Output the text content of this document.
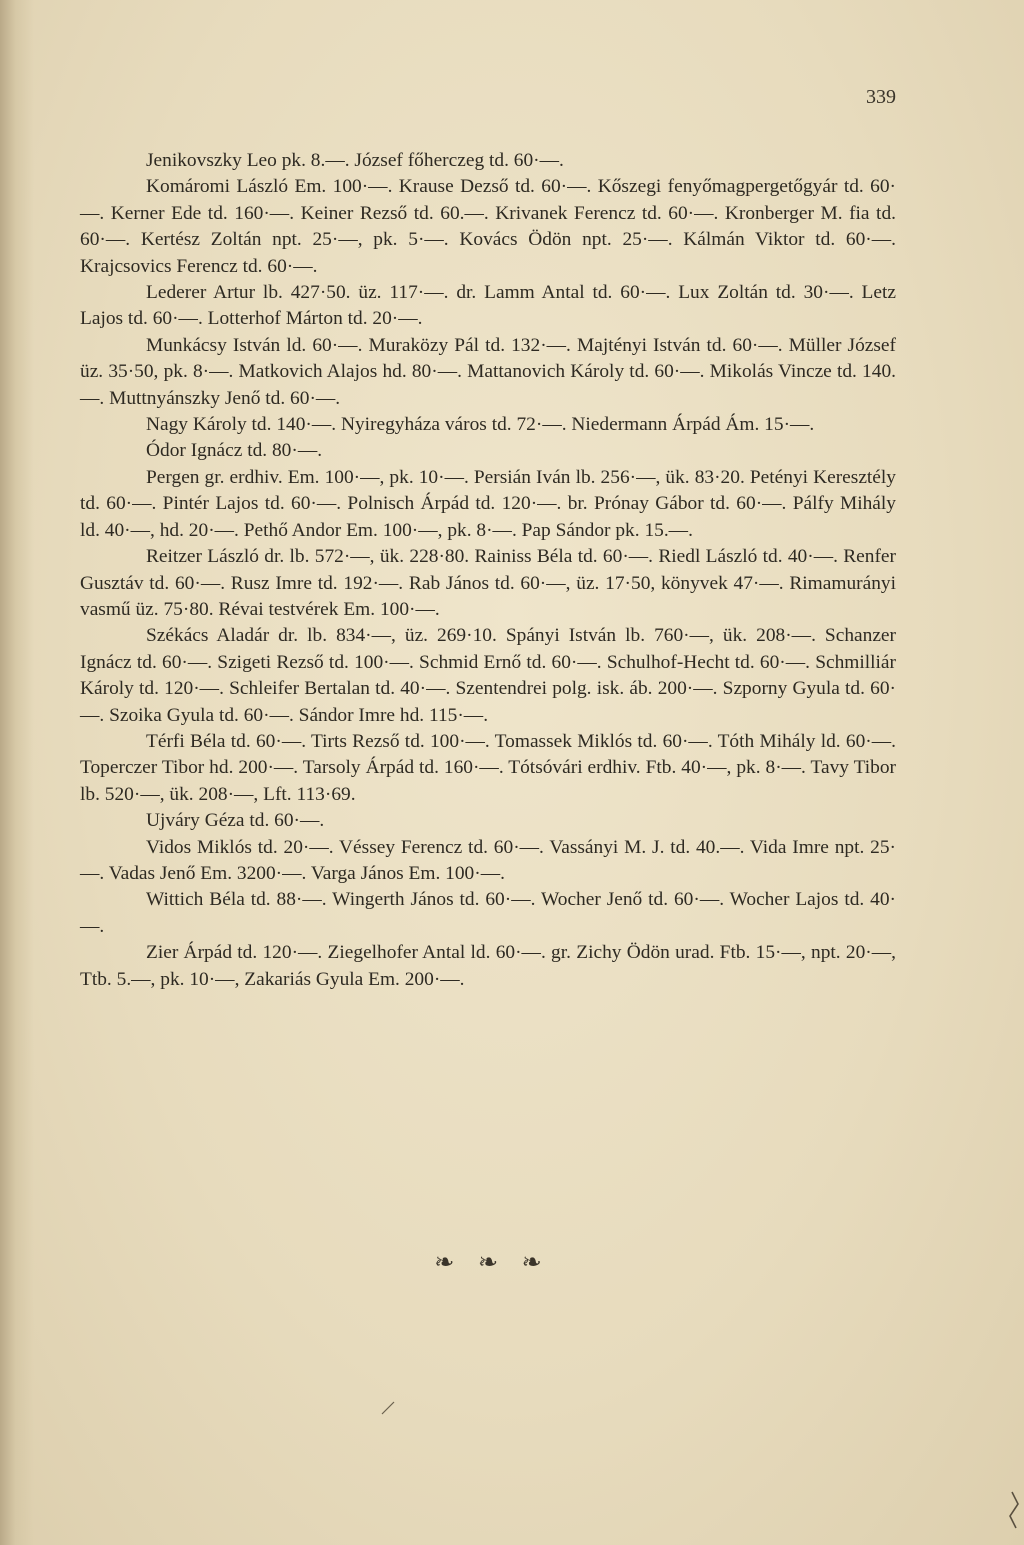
339

Jenikovszky Leo pk. 8.—. József főherczeg td. 60·—.

Komáromi László Em. 100·—. Krause Dezső td. 60·—. Kőszegi fenyőmagpergetőgyár td. 60·—. Kerner Ede td. 160·—. Keiner Rezső td. 60.—. Krivanek Ferencz td. 60·—. Kronberger M. fia td. 60·—. Kertész Zoltán npt. 25·—, pk. 5·—. Kovács Ödön npt. 25·—. Kálmán Viktor td. 60·—. Krajcsovics Ferencz td. 60·—.

Lederer Artur lb. 427·50. üz. 117·—. dr. Lamm Antal td. 60·—. Lux Zoltán td. 30·—. Letz Lajos td. 60·—. Lotterhof Márton td. 20·—.

Munkácsy István ld. 60·—. Muraközy Pál td. 132·—. Majtényi István td. 60·—. Müller József üz. 35·50, pk. 8·—. Matkovich Alajos hd. 80·—. Mattanovich Károly td. 60·—. Mikolás Vincze td. 140.—. Muttnyánszky Jenő td. 60·—.

Nagy Károly td. 140·—. Nyiregyháza város td. 72·—. Niedermann Árpád Ám. 15·—.

Ódor Ignácz td. 80·—.

Pergen gr. erdhiv. Em. 100·—, pk. 10·—. Persián Iván lb. 256·—, ük. 83·20. Petényi Keresztély td. 60·—. Pintér Lajos td. 60·—. Polnisch Árpád td. 120·—. br. Prónay Gábor td. 60·—. Pálfy Mihály ld. 40·—, hd. 20·—. Pethő Andor Em. 100·—, pk. 8·—. Pap Sándor pk. 15.—.

Reitzer László dr. lb. 572·—, ük. 228·80. Rainiss Béla td. 60·—. Riedl László td. 40·—. Renfer Gusztáv td. 60·—. Rusz Imre td. 192·—. Rab János td. 60·—, üz. 17·50, könyvek 47·—. Rimamurányi vasmű üz. 75·80. Révai testvérek Em. 100·—.

Székács Aladár dr. lb. 834·—, üz. 269·10. Spányi István lb. 760·—, ük. 208·—. Schanzer Ignácz td. 60·—. Szigeti Rezső td. 100·—. Schmid Ernő td. 60·—. Schulhof-Hecht td. 60·—. Schmilliár Károly td. 120·—. Schleifer Bertalan td. 40·—. Szentendrei polg. isk. áb. 200·—. Szporny Gyula td. 60·—. Szoika Gyula td. 60·—. Sándor Imre hd. 115·—.

Térfi Béla td. 60·—. Tirts Rezső td. 100·—. Tomassek Miklós td. 60·—. Tóth Mihály ld. 60·—. Toperczer Tibor hd. 200·—. Tarsoly Árpád td. 160·—. Tótsóvári erdhiv. Ftb. 40·—, pk. 8·—. Tavy Tibor lb. 520·—, ük. 208·—, Lft. 113·69.

Ujváry Géza td. 60·—.

Vidos Miklós td. 20·—. Véssey Ferencz td. 60·—. Vassányi M. J. td. 40.—. Vida Imre npt. 25·—. Vadas Jenő Em. 3200·—. Varga János Em. 100·—.

Wittich Béla td. 88·—. Wingerth János td. 60·—. Wocher Jenő td. 60·—. Wocher Lajos td. 40·—.

Zier Árpád td. 120·—. Ziegelhofer Antal ld. 60·—. gr. Zichy Ödön urad. Ftb. 15·—, npt. 20·—, Ttb. 5.—, pk. 10·—, Zakariás Gyula Em. 200·—.

❧ ❧ ❧
